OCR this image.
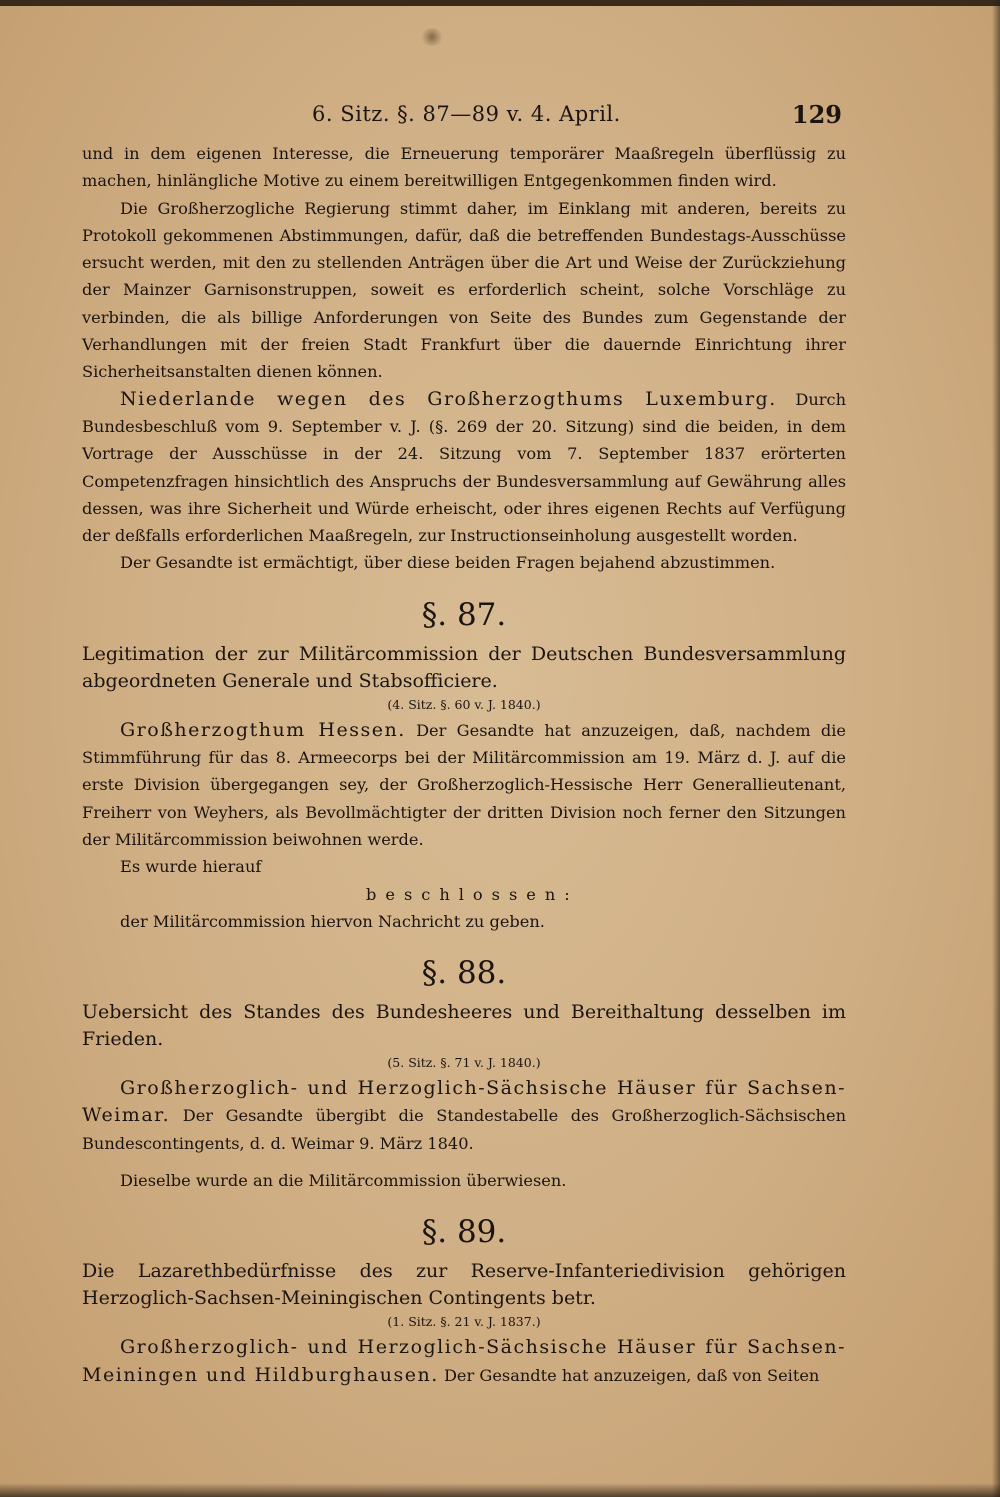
6. Sitz. §. 87—89 v. 4. April.	129

und in dem eigenen Interesse, die Erneuerung temporärer Maaßregeln überflüssig zu machen, hinlängliche Motive zu einem bereitwilligen Entgegenkommen finden wird.

Die Großherzogliche Regierung stimmt daher, im Einklang mit anderen, bereits zu Protokoll gekommenen Abstimmungen, dafür, daß die betreffenden Bundestags-Ausschüsse ersucht werden, mit den zu stellenden Anträgen über die Art und Weise der Zurückziehung der Mainzer Garnisonstruppen, soweit es erforderlich scheint, solche Vorschläge zu verbinden, die als billige Anforderungen von Seite des Bundes zum Gegenstande der Verhandlungen mit der freien Stadt Frankfurt über die dauernde Einrichtung ihrer Sicherheitsanstalten dienen können.

Niederlande wegen des Großherzogthums Luxemburg. Durch Bundesbeschluß vom 9. September v. J. (§. 269 der 20. Sitzung) sind die beiden, in dem Vortrage der Ausschüsse in der 24. Sitzung vom 7. September 1837 erörterten Competenzfragen hinsichtlich des Anspruchs der Bundesversammlung auf Gewährung alles dessen, was ihre Sicherheit und Würde erheischt, oder ihres eigenen Rechts auf Verfügung der deßfalls erforderlichen Maaßregeln, zur Instructionseinholung ausgestellt worden.

Der Gesandte ist ermächtigt, über diese beiden Fragen bejahend abzustimmen.

§. 87.

Legitimation der zur Militärcommission der Deutschen Bundesversammlung abgeordneten Generale und Stabsofficiere.

(4. Sitz. §. 60 v. J. 1840.)

Großherzogthum Hessen. Der Gesandte hat anzuzeigen, daß, nachdem die Stimmführung für das 8. Armeecorps bei der Militärcommission am 19. März d. J. auf die erste Division übergegangen sey, der Großherzoglich-Hessische Herr Generallieutenant, Freiherr von Weyhers, als Bevollmächtigter der dritten Division noch ferner den Sitzungen der Militärcommission beiwohnen werde.

Es wurde hierauf

beschlossen:

der Militärcommission hiervon Nachricht zu geben.

§. 88.

Uebersicht des Standes des Bundesheeres und Bereithaltung desselben im Frieden.

(5. Sitz. §. 71 v. J. 1840.)

Großherzoglich- und Herzoglich-Sächsische Häuser für Sachsen-Weimar. Der Gesandte übergibt die Standestabelle des Großherzoglich-Sächsischen Bundescontingents, d. d. Weimar 9. März 1840.

Dieselbe wurde an die Militärcommission überwiesen.

§. 89.

Die Lazarethbedürfnisse des zur Reserve-Infanteriedivision gehörigen Herzoglich-Sachsen-Meiningischen Contingents betr.

(1. Sitz. §. 21 v. J. 1837.)

Großherzoglich- und Herzoglich-Sächsische Häuser für Sachsen-Meiningen und Hildburghausen. Der Gesandte hat anzuzeigen, daß von Seiten
